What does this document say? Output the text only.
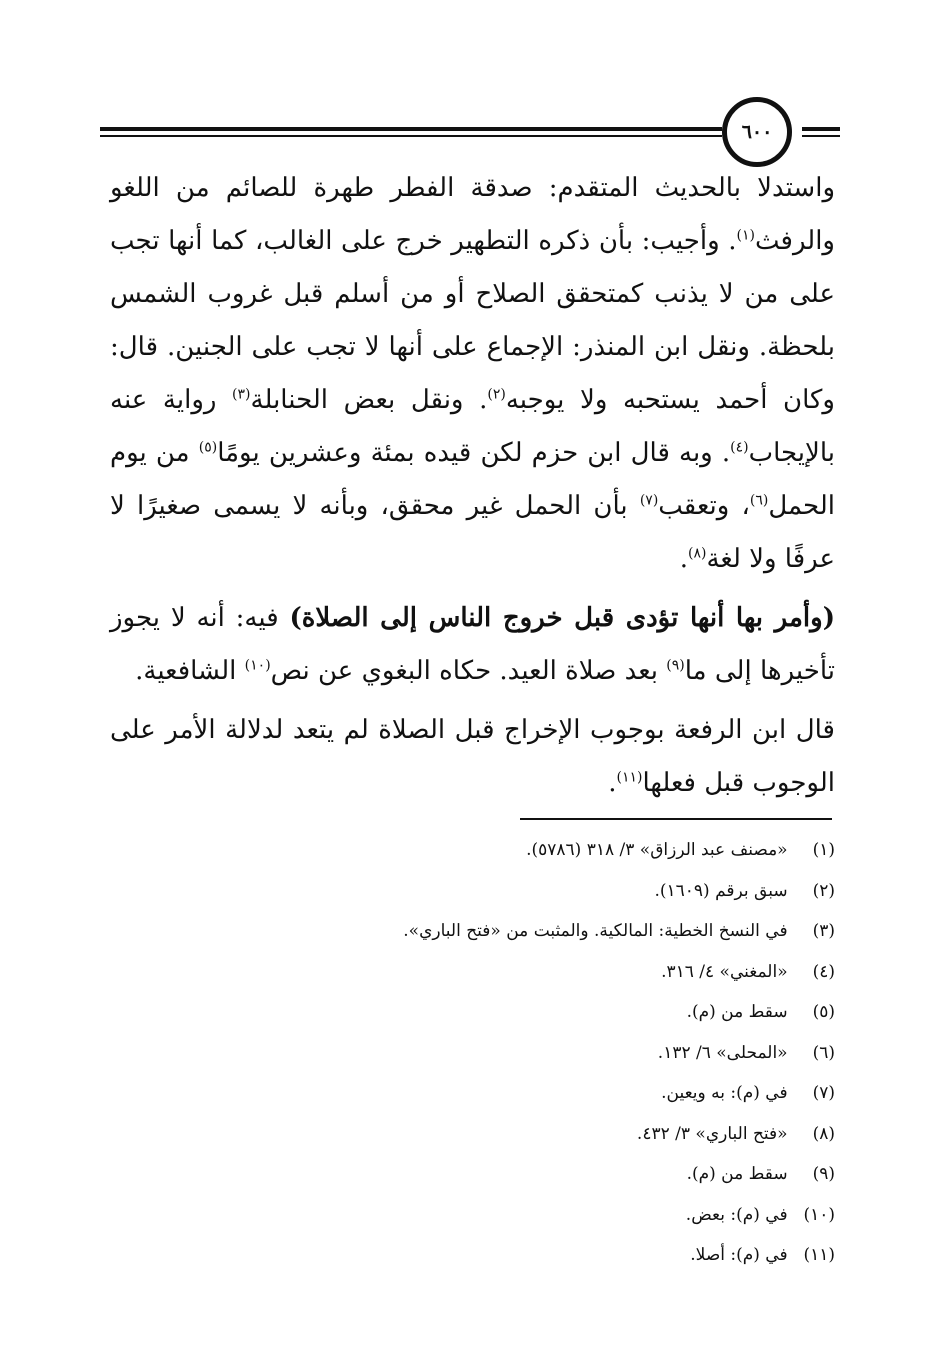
٦٠٠

واستدلا بالحديث المتقدم: صدقة الفطر طهرة للصائم من اللغو والرفث$^{(١)}$. وأجيب: بأن ذكره التطهير خرج على الغالب، كما أنها تجب على من لا يذنب كمتحقق الصلاح أو من أسلم قبل غروب الشمس بلحظة. ونقل ابن المنذر: الإجماع على أنها لا تجب على الجنين. قال: وكان أحمد يستحبه ولا يوجبه$^{(٢)}$. ونقل بعض الحنابلة$^{(٣)}$ رواية عنه بالإيجاب$^{(٤)}$. وبه قال ابن حزم لكن قيده بمئة وعشرين يومًا$^{(٥)}$ من يوم الحمل$^{(٦)}$، وتعقب$^{(٧)}$ بأن الحمل غير محقق، وبأنه لا يسمى صغيرًا لا عرفًا ولا لغة$^{(٨)}$.

(وأمر بها أنها تؤدى قبل خروج الناس إلى الصلاة) فيه: أنه لا يجوز تأخيرها إلى ما$^{(٩)}$ بعد صلاة العيد. حكاه البغوي عن نص$^{(١٠)}$ الشافعية.

قال ابن الرفعة بوجوب الإخراج قبل الصلاة لم يتعد لدلالة الأمر على الوجوب قبل فعلها$^{(١١)}$.

(١) «مصنف عبد الرزاق» ٣/ ٣١٨ (٥٧٨٦).
(٢) سبق برقم (١٦٠٩).
(٣) في النسخ الخطية: المالكية. والمثبت من «فتح الباري».
(٤) «المغني» ٤/ ٣١٦.
(٥) سقط من (م).
(٦) «المحلى» ٦/ ١٣٢.
(٧) في (م): به ويعين.
(٨) «فتح الباري» ٣/ ٤٣٢.
(٩) سقط من (م).
(١٠) في (م): بعض.
(١١) في (م): أصلا.
